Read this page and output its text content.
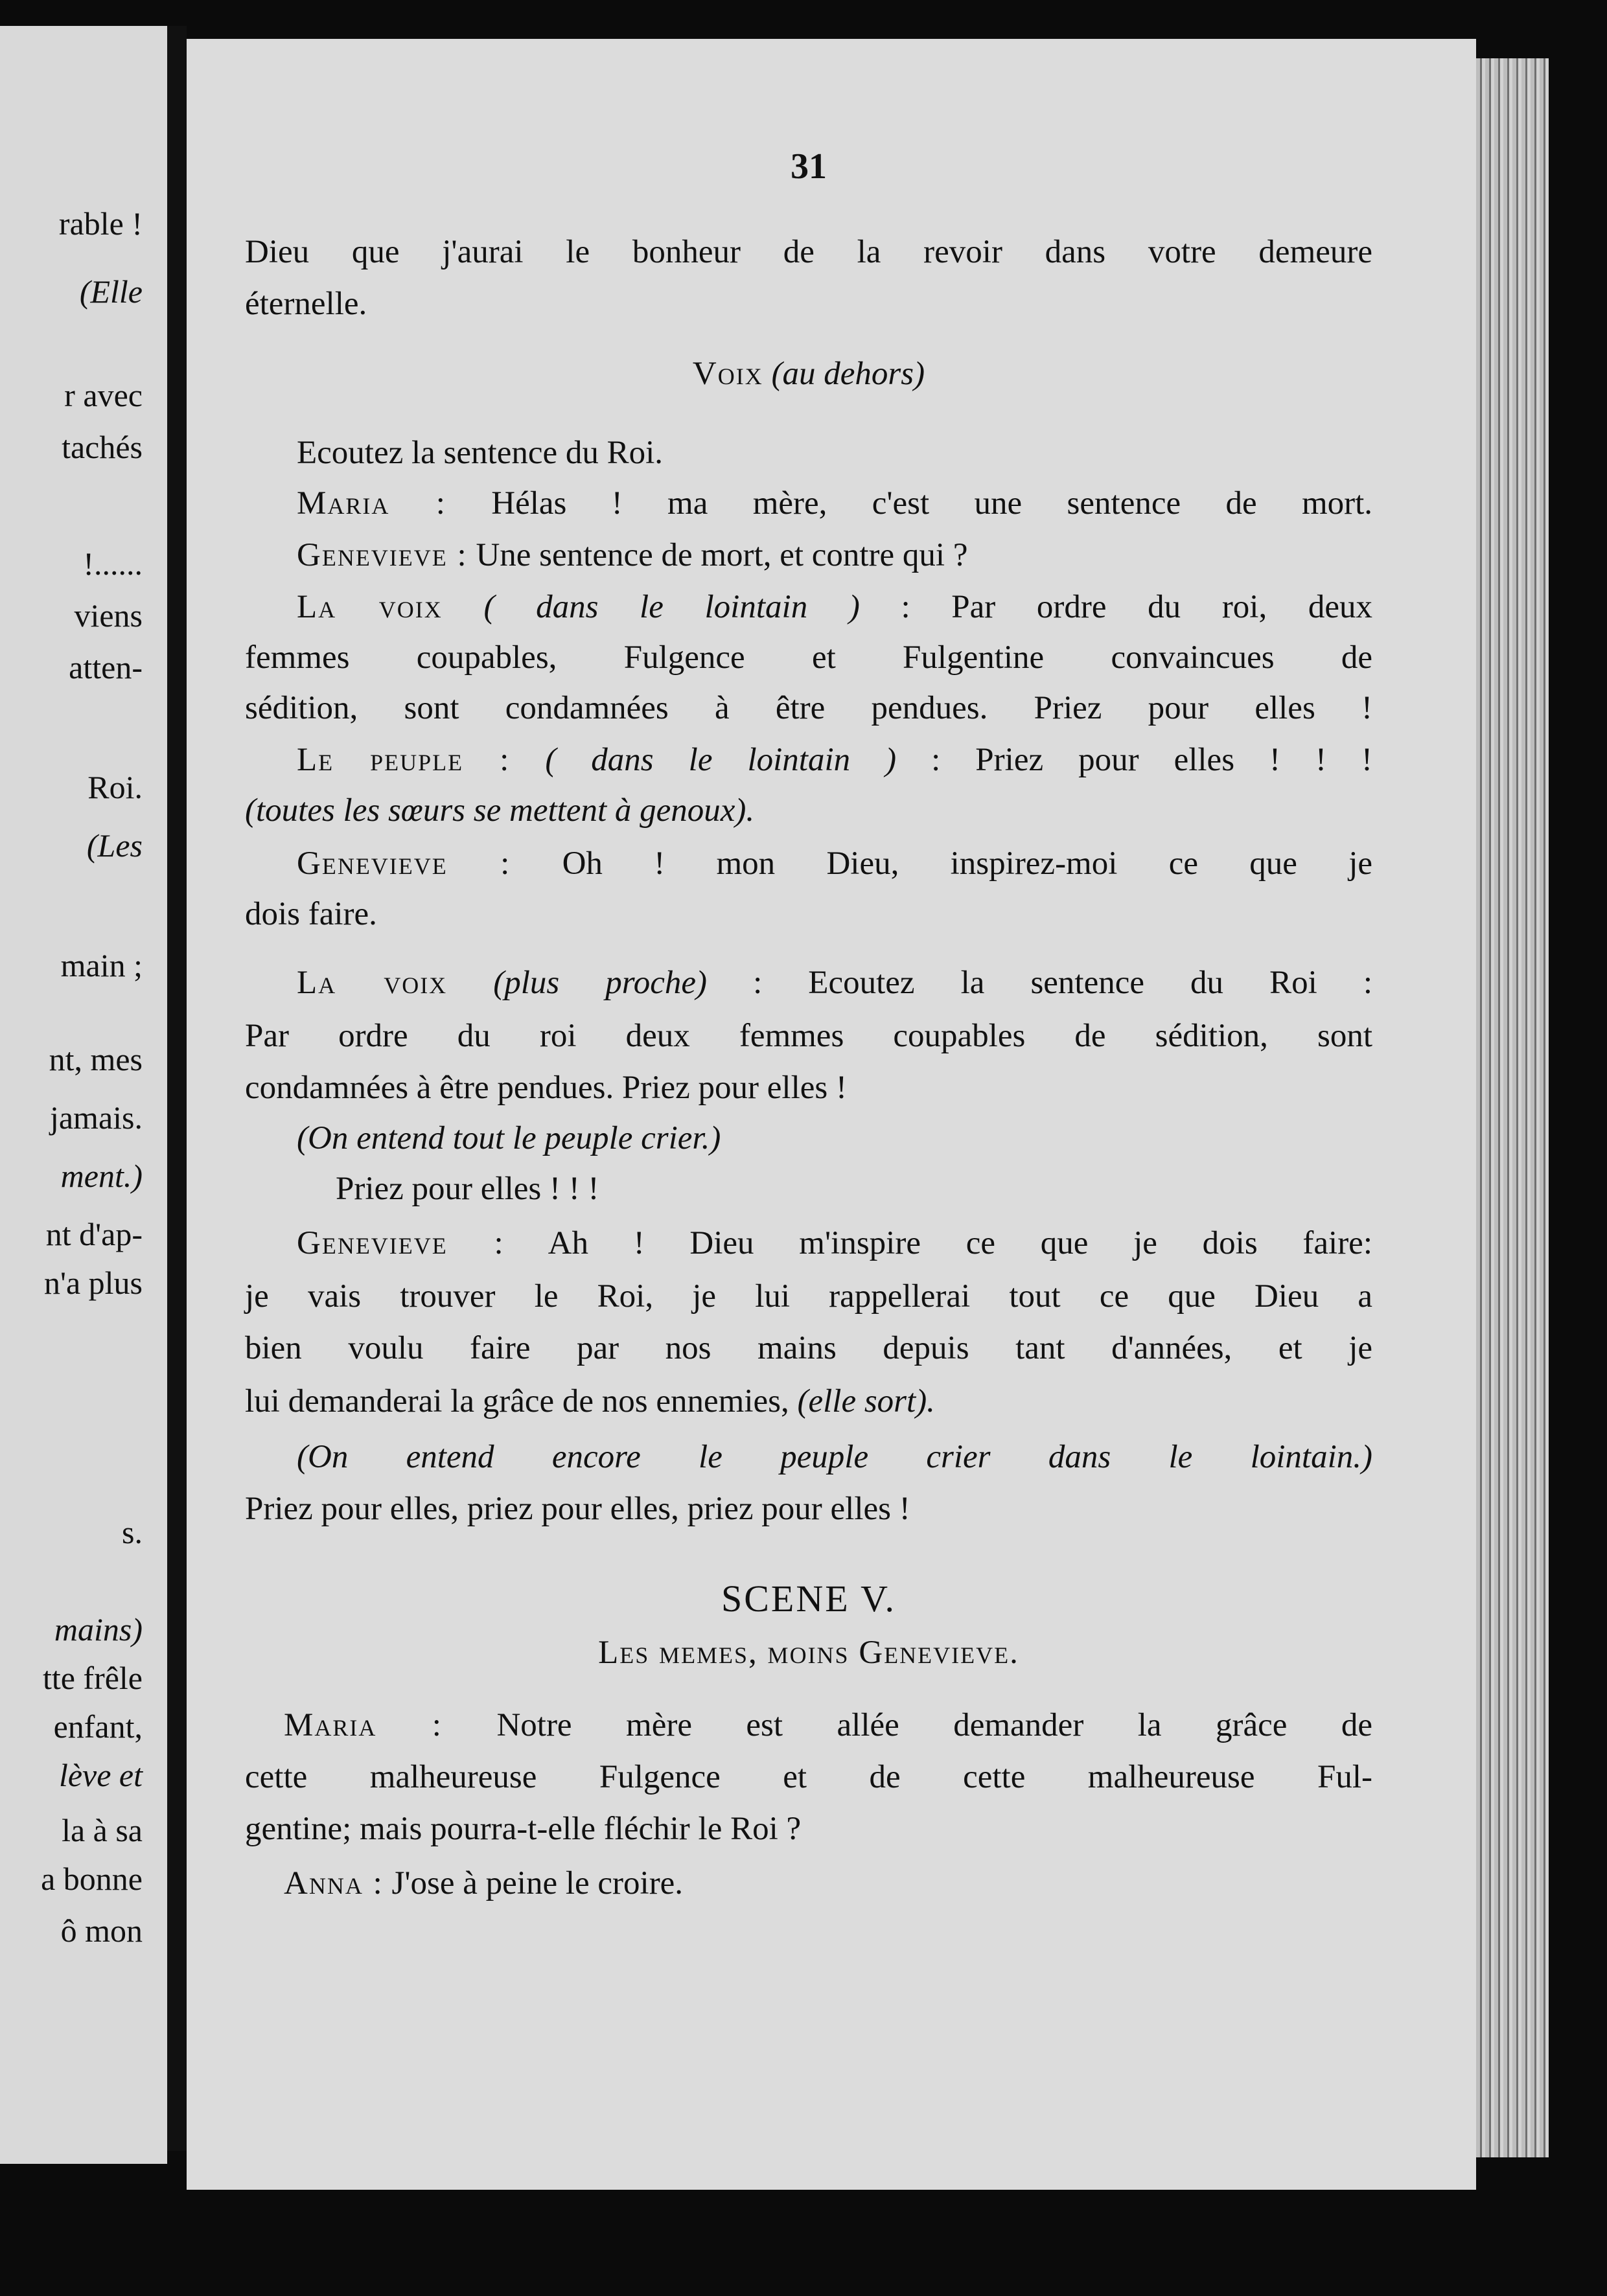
rable !
(Elle
r avec
tachés
!......
viens
atten-
Roi.
(Les
main ;
nt, mes
jamais.
ment.)
nt d'ap-
n'a plus
s.
mains)
tte frêle
enfant,
lève et
la à sa
a bonne
ô mon
31
Dieu que j'aurai le bonheur de la revoir dans votre demeure
éternelle.
Voix (au dehors)
Ecoutez la sentence du Roi.
Maria : Hélas ! ma mère, c'est une sentence de mort.
Genevieve : Une sentence de mort, et contre qui ?
La voix ( dans le lointain ) : Par ordre du roi, deux
femmes coupables, Fulgence et Fulgentine convaincues de
sédition, sont condamnées à être pendues. Priez pour elles !
Le peuple : ( dans le lointain ) : Priez pour elles ! ! !
(toutes les sœurs se mettent à genoux).
Genevieve : Oh ! mon Dieu, inspirez-moi ce que je
dois faire.
La voix (plus proche) : Ecoutez la sentence du Roi :
Par ordre du roi deux femmes coupables de sédition, sont
condamnées à être pendues. Priez pour elles !
(On entend tout le peuple crier.)
Priez pour elles ! ! !
Genevieve : Ah ! Dieu m'inspire ce que je dois faire:
je vais trouver le Roi, je lui rappellerai tout ce que Dieu a
bien voulu faire par nos mains depuis tant d'années, et je
lui demanderai la grâce de nos ennemies, (elle sort).
(On entend encore le peuple crier dans le lointain.)
Priez pour elles, priez pour elles, priez pour elles !
SCENE V.
Les memes, moins Genevieve.
Maria : Notre mère est allée demander la grâce de
cette malheureuse Fulgence et de cette malheureuse Ful-
gentine; mais pourra-t-elle fléchir le Roi ?
Anna : J'ose à peine le croire.
